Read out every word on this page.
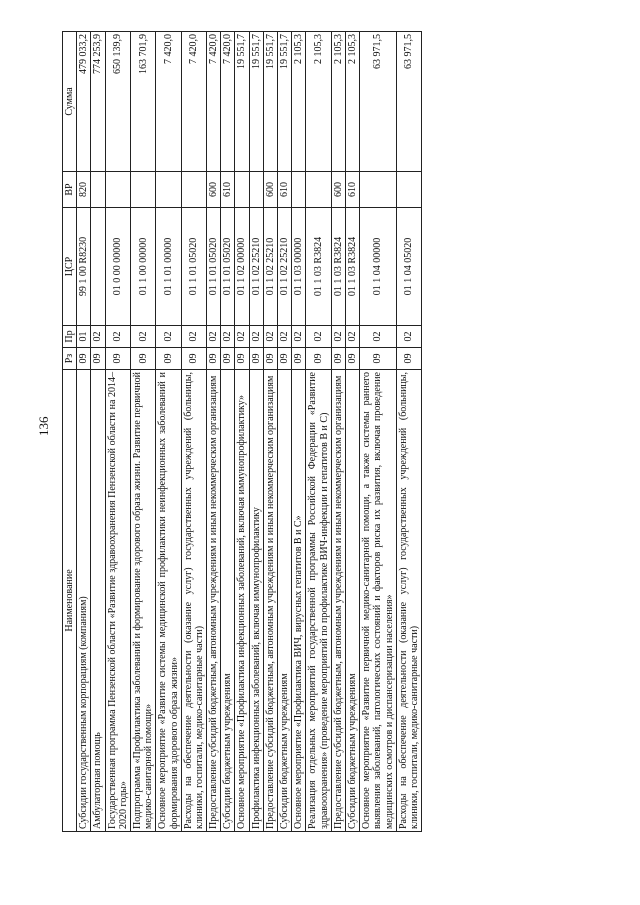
136
Наименование	Рз	Пр	ЦСР	ВР	Сумма
Субсидии государственным корпорациям (компаниям)	09	01	99 1 00 R8230	820	479 033,2
Амбулаторная помощь	09	02			774 253,9
Государственная программа Пензенской области «Развитие здравоохранения Пензенской области на 2014–2020 годы»	09	02	01 0 00 00000		650 139,9
Подпрограмма «Профилактика заболеваний и формирование здорового образа жизни. Развитие первичной медико-санитарной помощи»	09	02	01 1 00 00000		163 701,9
Основное мероприятие «Развитие системы медицинской профилактики неинфекционных заболеваний и формирования здорового образа жизни»	09	02	01 1 01 00000		7 420,0
Расходы на обеспечение деятельности (оказание услуг) государственных учреждений (больницы, клиники, госпитали, медико-санитарные части)	09	02	01 1 01 05020		7 420,0
Предоставление субсидий бюджетным, автономным учреждениям и иным некоммерческим организациям	09	02	01 1 01 05020	600	7 420,0
Субсидии бюджетным учреждениям	09	02	01 1 01 05020	610	7 420,0
Основное мероприятие «Профилактика инфекционных заболеваний, включая иммунопрофилактику»	09	02	01 1 02 00000		19 551,7
Профилактика инфекционных заболеваний, включая иммунопрофилактику	09	02	01 1 02 25210		19 551,7
Предоставление субсидий бюджетным, автономным учреждениям и иным некоммерческим организациям	09	02	01 1 02 25210	600	19 551,7
Субсидии бюджетным учреждениям	09	02	01 1 02 25210	610	19 551,7
Основное мероприятие «Профилактика ВИЧ, вирусных гепатитов В и С»	09	02	01 1 03 00000		2 105,3
Реализация отдельных мероприятий государственной программы Российской Федерации «Развитие здравоохранения» (проведение мероприятий по профилактике ВИЧ-инфекции и гепатитов В и С)	09	02	01 1 03 R3824		2 105,3
Предоставление субсидий бюджетным, автономным учреждениям и иным некоммерческим организациям	09	02	01 1 03 R3824	600	2 105,3
Субсидии бюджетным учреждениям	09	02	01 1 03 R3824	610	2 105,3
Основное мероприятие «Развитие первичной медико-санитарной помощи, а также системы раннего выявления заболеваний, патологических состояний и факторов риска их развития, включая проведение медицинских осмотров и диспансеризации населения»	09	02	01 1 04 00000		63 971,5
Расходы на обеспечение деятельности (оказание услуг) государственных учреждений (больницы, клиники, госпитали, медико-санитарные части)	09	02	01 1 04 05020		63 971,5
